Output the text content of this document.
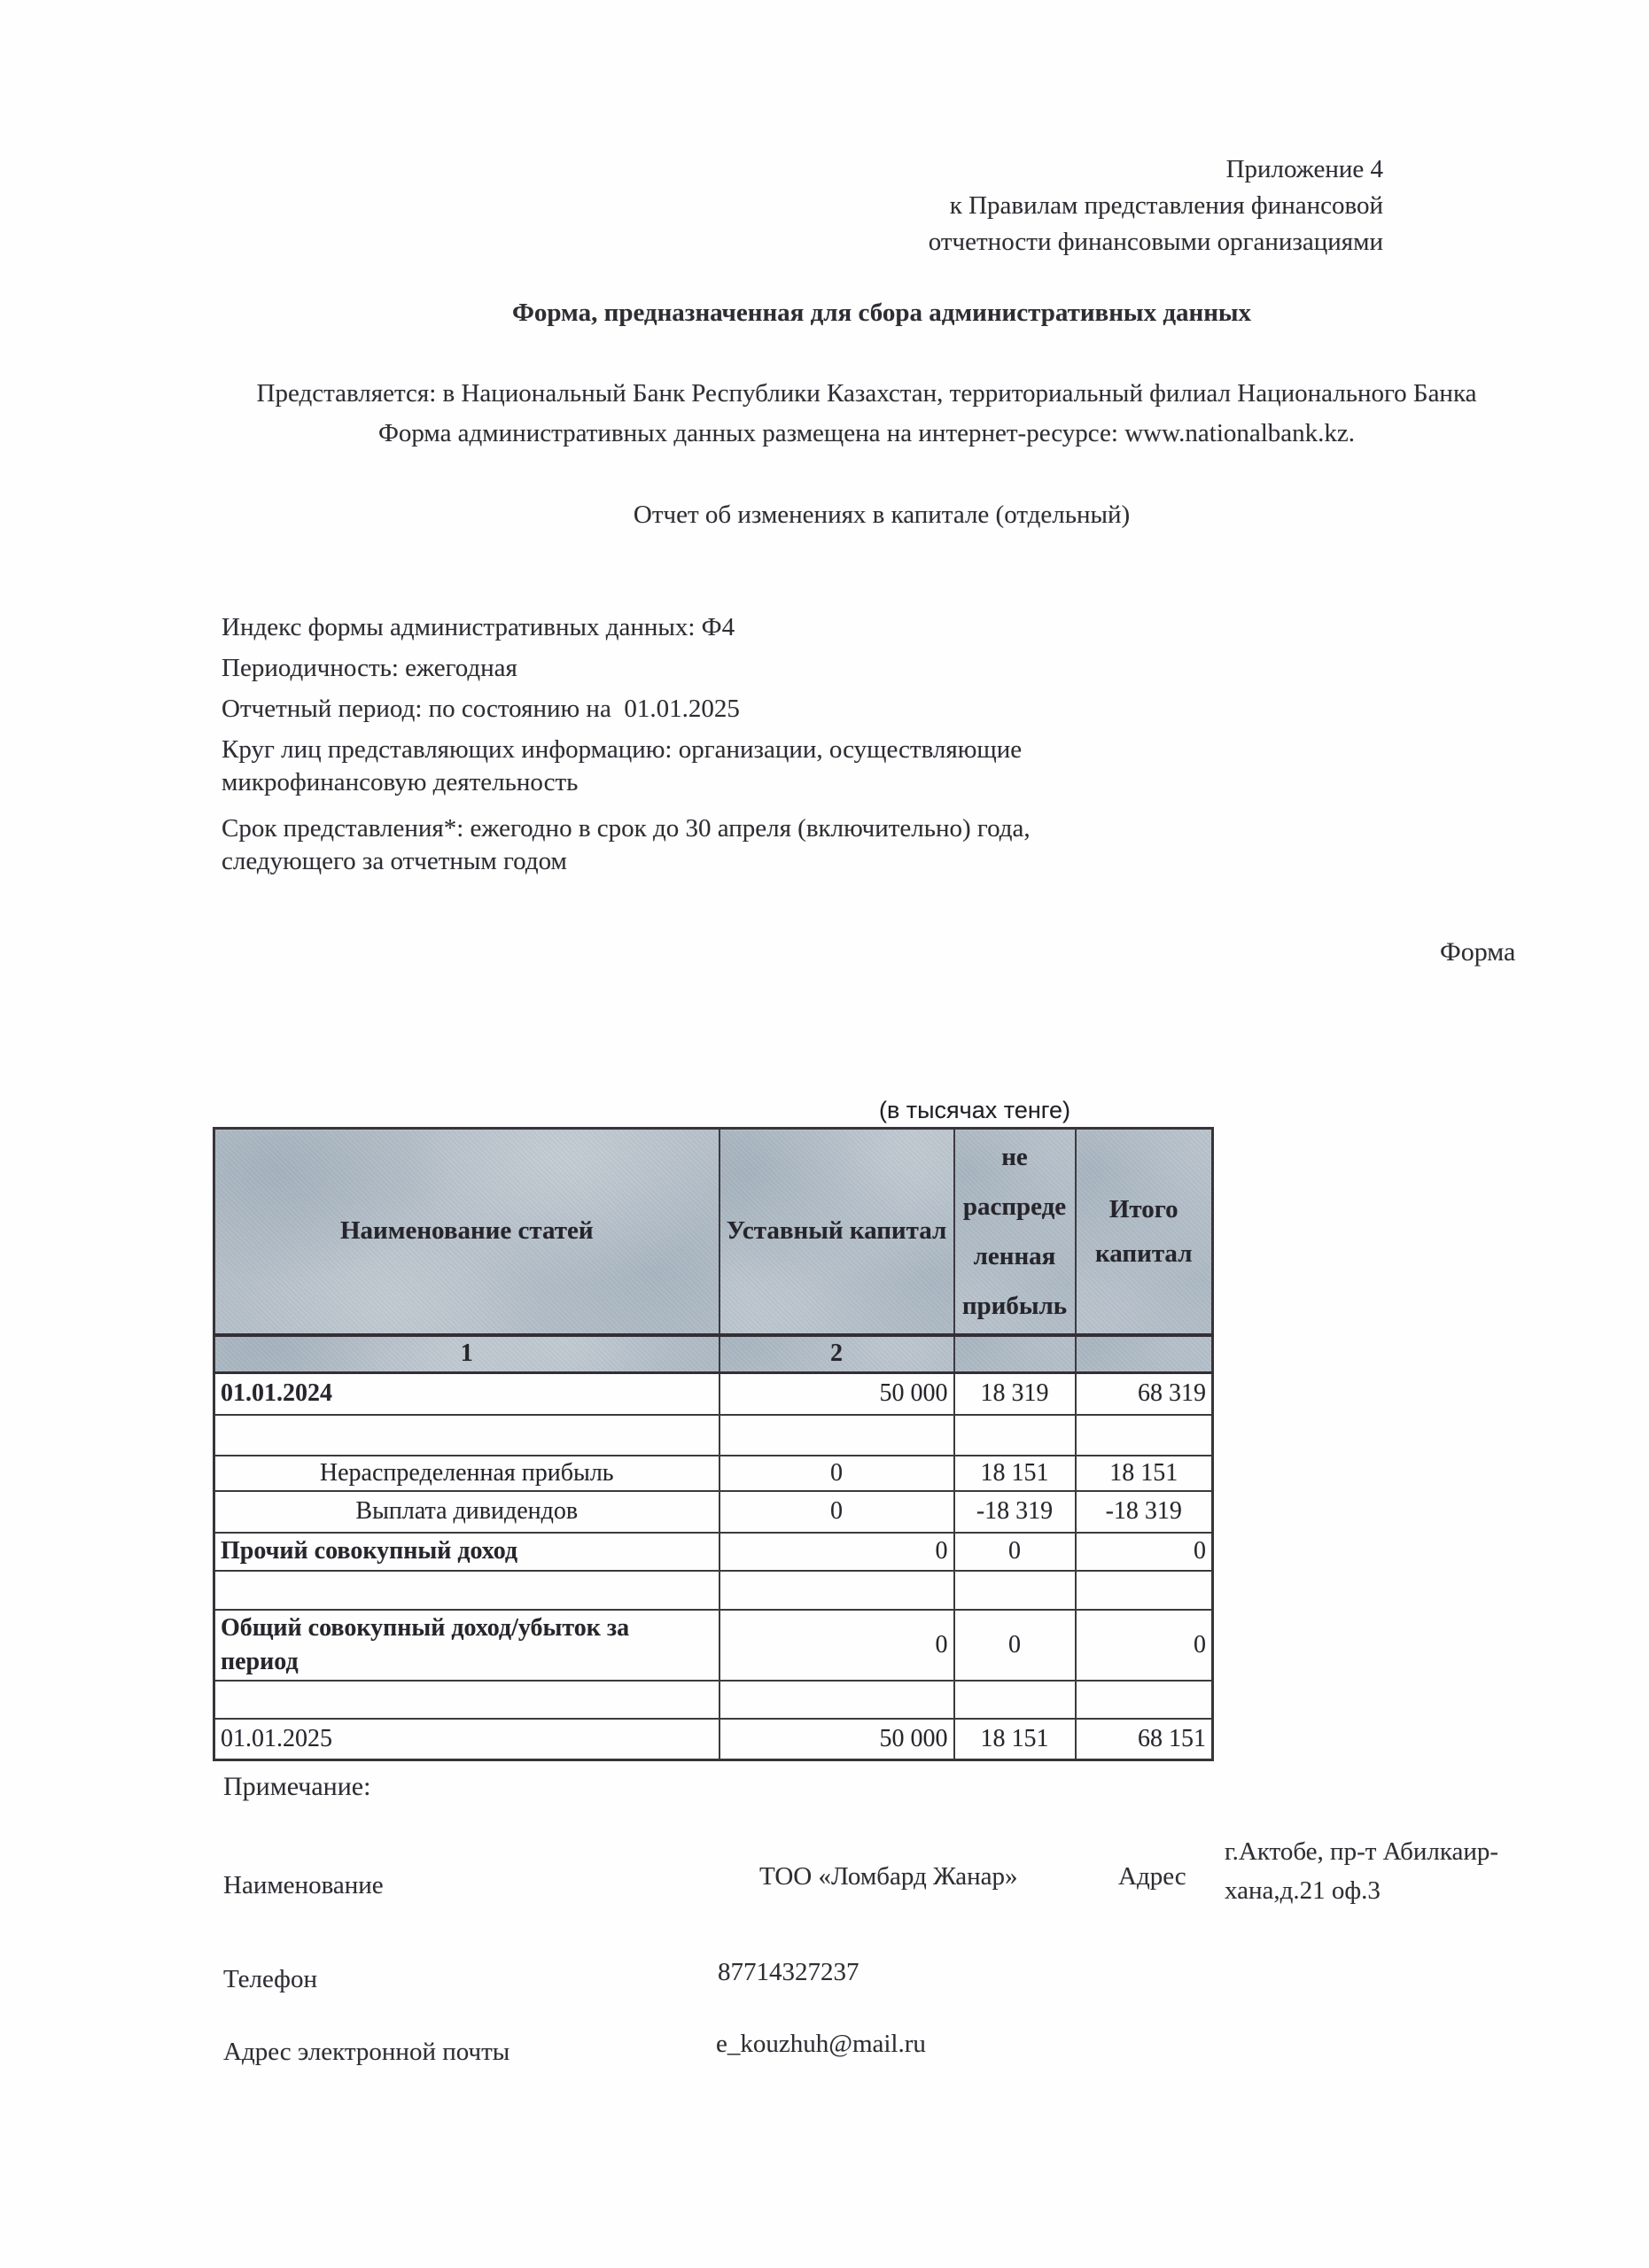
Приложение 4
к Правилам представления финансовой
отчетности финансовыми организациями
Форма, предназначенная для сбора административных данных
Представляется: в Национальный Банк Республики Казахстан, территориальный филиал Национального Банка
Форма административных данных размещена на интернет-ресурсе: www.nationalbank.kz.
Отчет об изменениях в капитале (отдельный)

Индекс формы административных данных: Ф4

Периодичность: ежегодная

Отчетный период: по состоянию на  01.01.2025

Круг лиц представляющих информацию: организации, осуществляющие микрофинансовую деятельность

Срок представления*: ежегодно в срок до 30 апреля (включительно) года, следующего за отчетным годом

Форма
(в тысячах тенге)
Наименование статей	Уставный капитал	не распреде ленная прибыль	Итого капитал
1	2		
01.01.2024	50 000	18 319	68 319

Нераспределенная прибыль	0	18 151	18 151
Выплата дивидендов	0	-18 319	-18 319
Прочий совокупный доход	0	0	0

Общий совокупный доход/убыток за период	0	0	0

01.01.2025	50 000	18 151	68 151
Примечание:
Наименование	ТОО «Ломбард Жанар»	Адрес
г.Актобе, пр-т Абилкаир-хана,д.21 оф.3
Телефон	87714327237
Адрес электронной почты	e_kouzhuh@mail.ru
